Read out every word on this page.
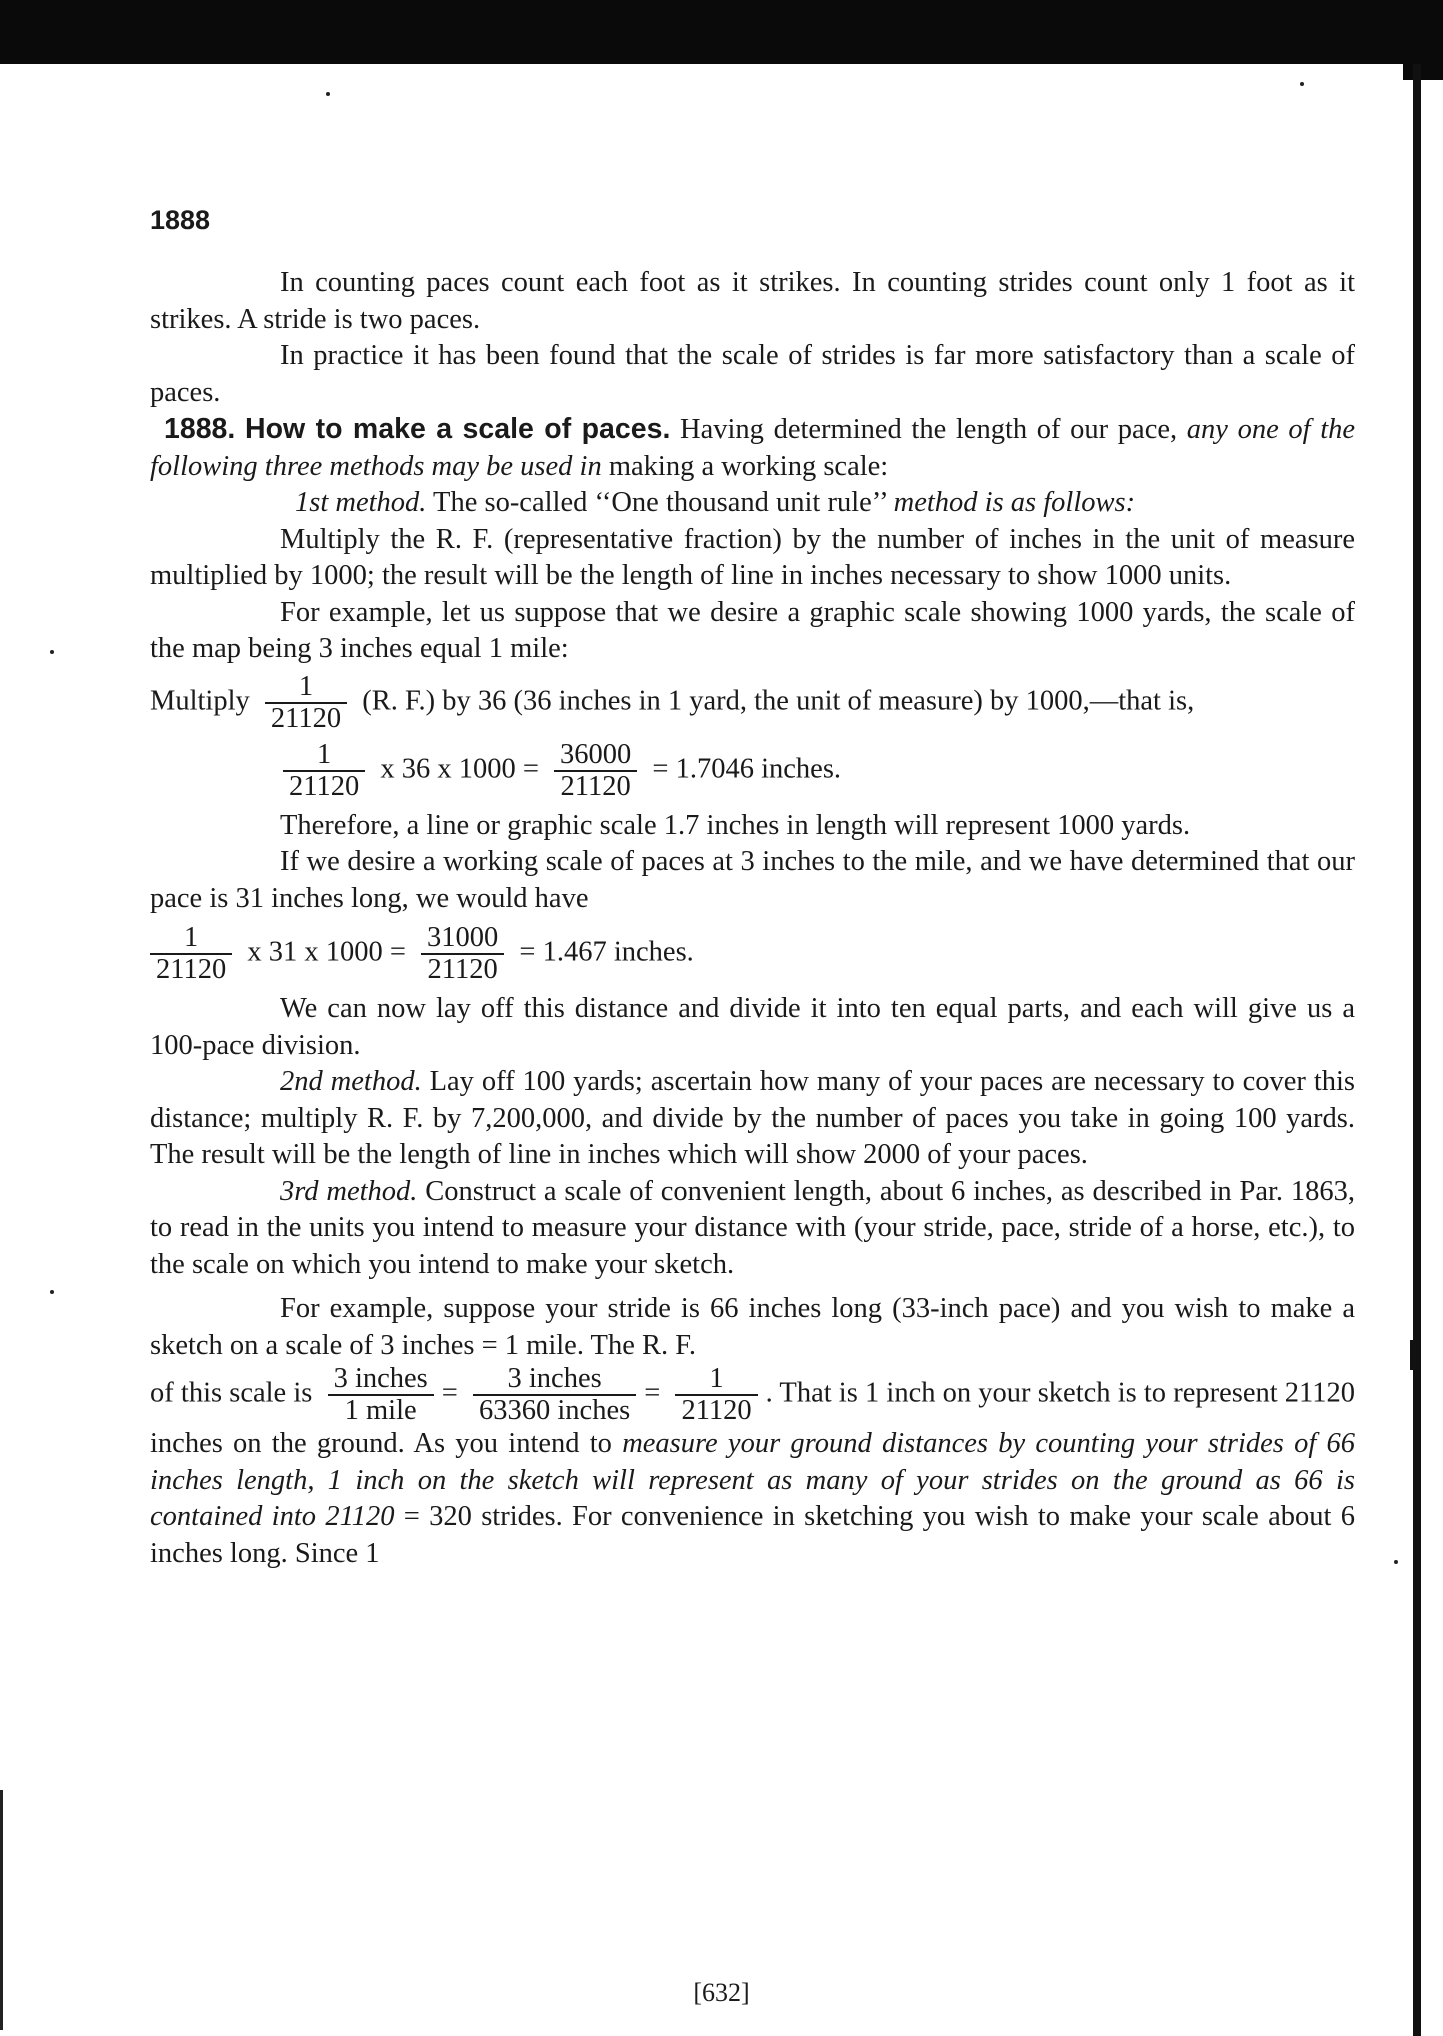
1888

In counting paces count each foot as it strikes. In counting strides count only 1 foot as it strikes. A stride is two paces.

In practice it has been found that the scale of strides is far more satisfactory than a scale of paces.

1888. How to make a scale of paces. Having determined the length of our pace, any one of the following three methods may be used in making a working scale:

1st method. The so-called ‘‘One thousand unit rule’’ method is as follows:

Multiply the R. F. (representative fraction) by the number of inches in the unit of measure multiplied by 1000; the result will be the length of line in inches necessary to show 1000 units.

For example, let us suppose that we desire a graphic scale showing 1000 yards, the scale of the map being 3 inches equal 1 mile:

Multiply $\frac{1}{21120} (R$. F.) by 36 (36 inches in 1 yard, the unit of measure) by 1000,—that is,

$\frac{1}{21120}$ x 36 x $1000 = \frac{36000}{21120} = 1.7046$ inches.

Therefore, a line or graphic scale 1.7 inches in length will represent 1000 yards.

If we desire a working scale of paces at 3 inches to the mile, and we have determined that our pace is 31 inches long, we would have

$\frac{1}{21120}$ x 31 x $1000 = \frac{31000}{21120} = 1.467$ inches.

We can now lay off this distance and divide it into ten equal parts, and each will give us a 100-pace division.

2nd method. Lay off 100 yards; ascertain how many of your paces are necessary to cover this distance; multiply R. F. by 7,200,000, and divide by the number of paces you take in going 100 yards. The result will be the length of line in inches which will show 2000 of your paces.

3rd method. Construct a scale of convenient length, about 6 inches, as described in Par. 1863, to read in the units you intend to measure your distance with (your stride, pace, stride of a horse, etc.), to the scale on which you intend to make your sketch.

For example, suppose your stride is 66 inches long (33-inch pace) and you wish to make a sketch on a scale of 3 inches = 1 mile. The R. F.

of this scale is $\frac{\text{3 inches}}{\text{1 mile}} = \frac{\text{3 inches}}{\text{63360 inches}} = \frac{1}{21120}$ . That is 1 inch on your sketch is to represent 21120 inches on the ground. As you intend to measure your ground distances by counting your strides of 66 inches length, 1 inch on the sketch will represent as many of your strides on the ground as 66 is contained into 21120 = 320 strides. For convenience in sketching you wish to make your scale about 6 inches long. Since 1

[632]
